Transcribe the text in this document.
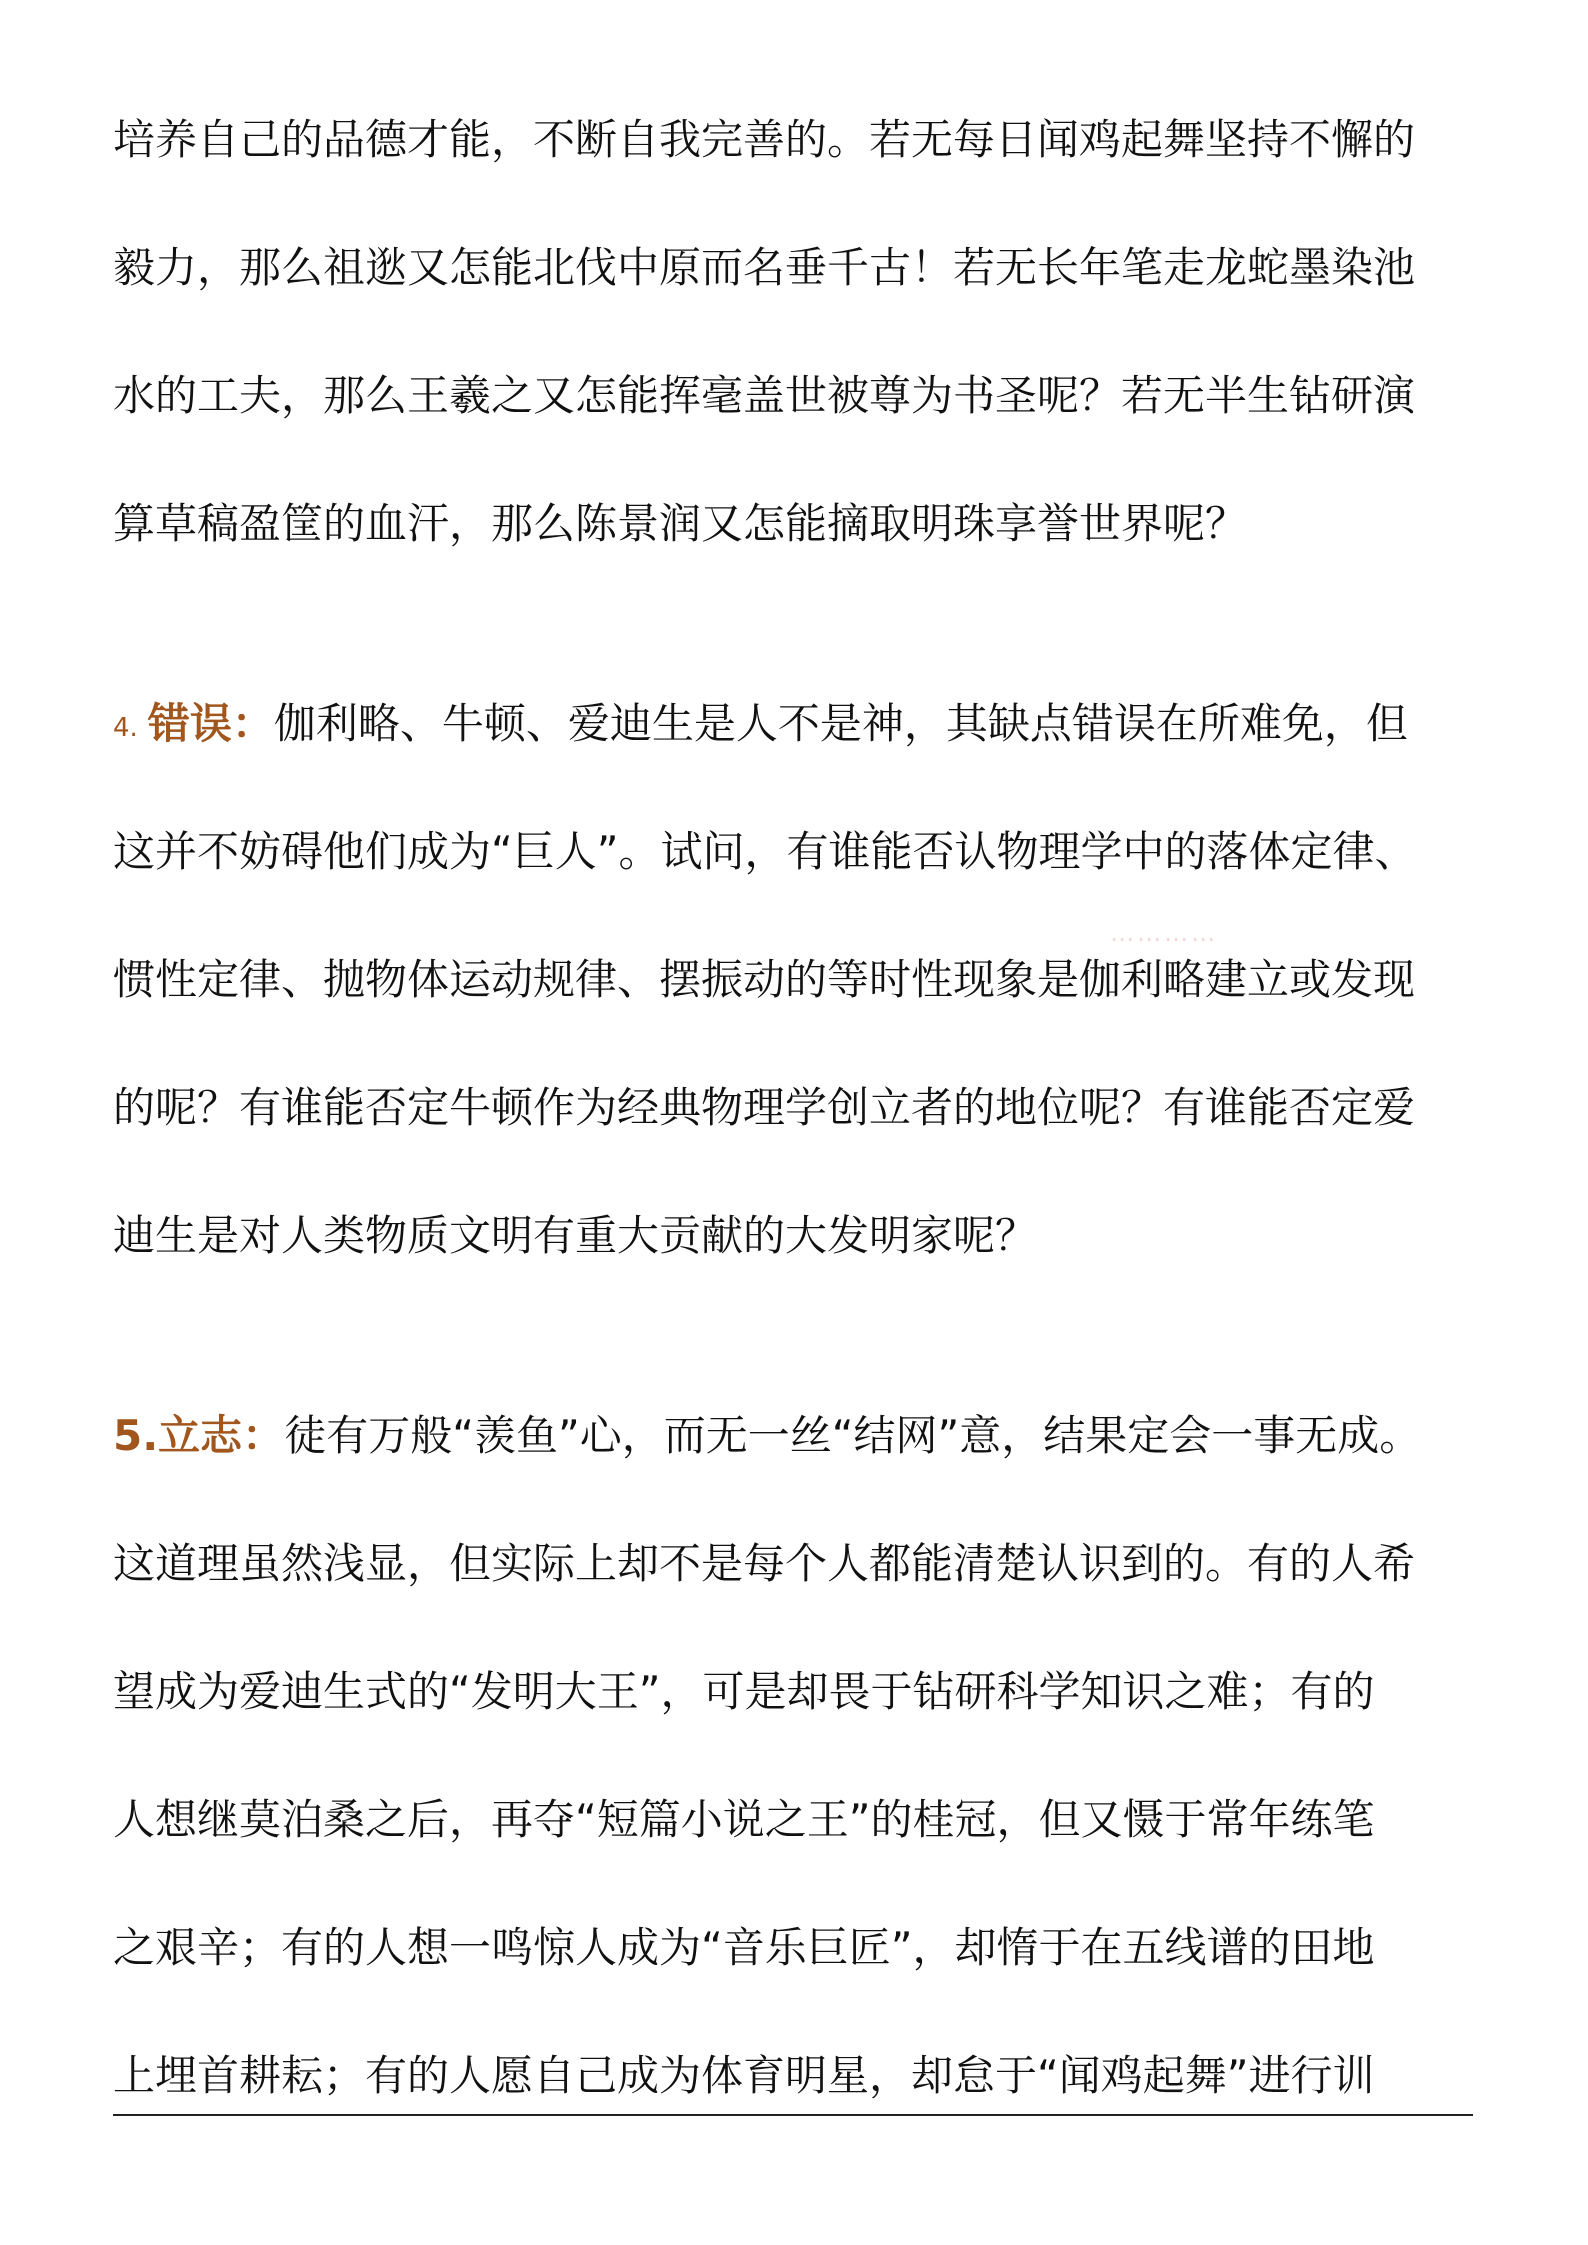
培养自己的品德才能，不断自我完善的。若无每日闻鸡起舞坚持不懈的
毅力，那么祖逖又怎能北伐中原而名垂千古！若无长年笔走龙蛇墨染池
水的工夫，那么王羲之又怎能挥毫盖世被尊为书圣呢？若无半生钻研演
算草稿盈筐的血汗，那么陈景润又怎能摘取明珠享誉世界呢？
4. 错误：伽利略、牛顿、爱迪生是人不是神，其缺点错误在所难免，但
这并不妨碍他们成为“巨人”。试问，有谁能否认物理学中的落体定律、
⋯⋯⋯⋯
惯性定律、抛物体运动规律、摆振动的等时性现象是伽利略建立或发现
的呢？有谁能否定牛顿作为经典物理学创立者的地位呢？有谁能否定爱
迪生是对人类物质文明有重大贡献的大发明家呢？
5.立志：徒有万般“羡鱼”心，而无一丝“结网”意，结果定会一事无成。
这道理虽然浅显，但实际上却不是每个人都能清楚认识到的。有的人希
望成为爱迪生式的“发明大王”，可是却畏于钻研科学知识之难；有的
人想继莫泊桑之后，再夺“短篇小说之王”的桂冠，但又慑于常年练笔
之艰辛；有的人想一鸣惊人成为“音乐巨匠”，却惰于在五线谱的田地
上埋首耕耘；有的人愿自己成为体育明星，却怠于“闻鸡起舞”进行训
